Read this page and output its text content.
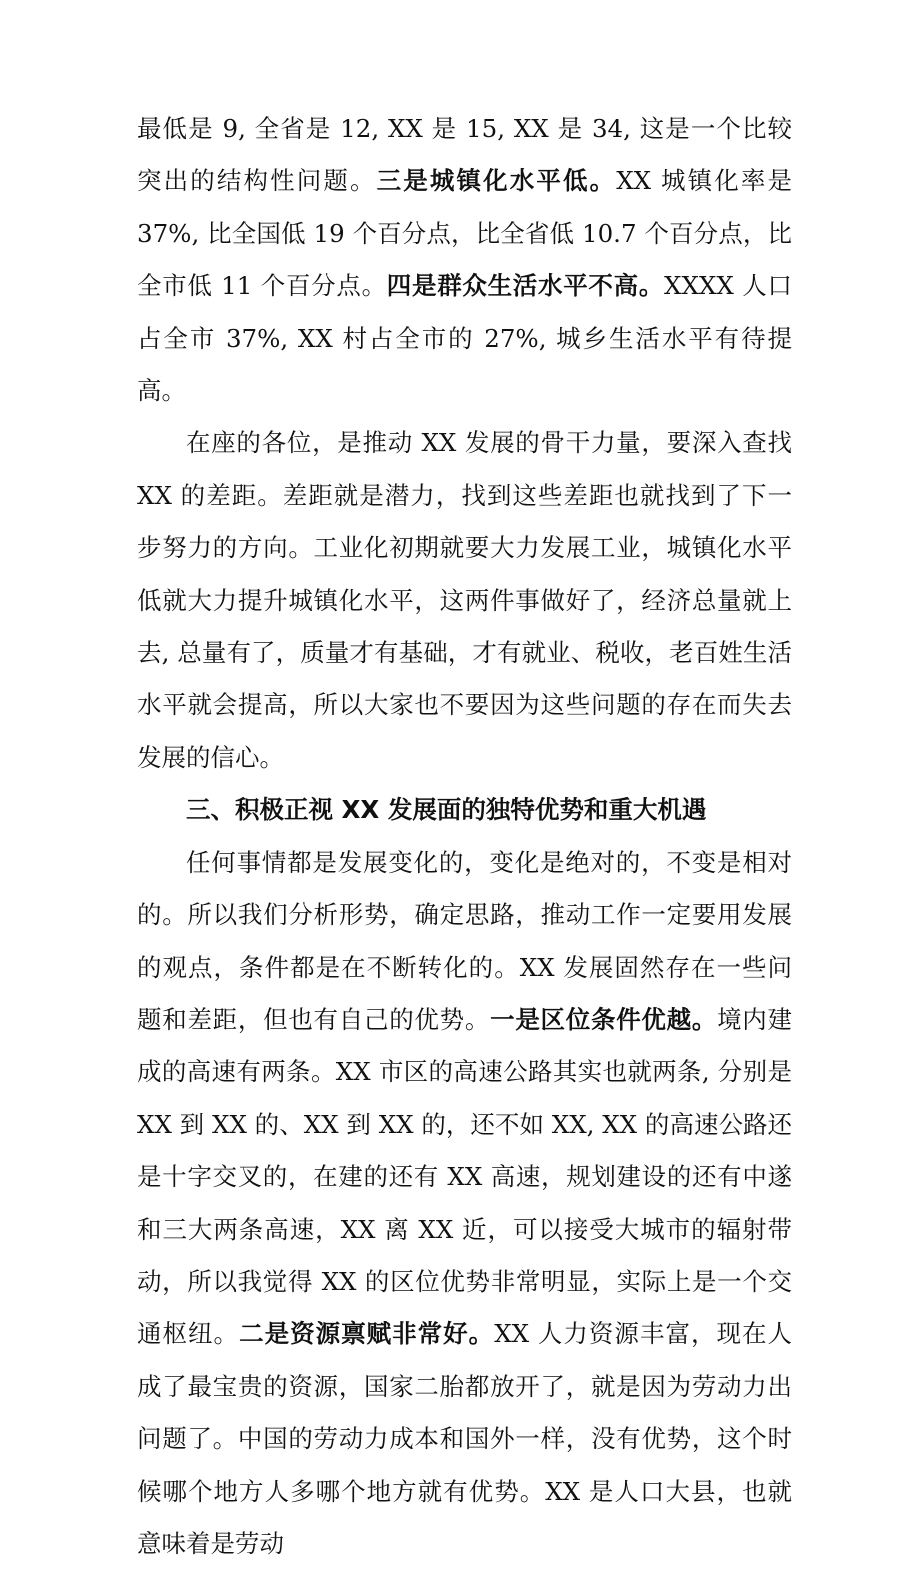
最低是 9, 全省是 12, XX 是 15, XX 是 34, 这是一个比较突出的结构性问题。三是城镇化水平低。XX 城镇化率是 37%, 比全国低 19 个百分点，比全省低 10.7 个百分点，比全市低 11 个百分点。四是群众生活水平不高。XXXX 人口占全市 37%, XX 村占全市的 27%, 城乡生活水平有待提高。

在座的各位，是推动 XX 发展的骨干力量，要深入查找 XX 的差距。差距就是潜力，找到这些差距也就找到了下一步努力的方向。工业化初期就要大力发展工业，城镇化水平低就大力提升城镇化水平，这两件事做好了，经济总量就上去, 总量有了，质量才有基础，才有就业、税收，老百姓生活水平就会提高，所以大家也不要因为这些问题的存在而失去发展的信心。

三、积极正视 XX 发展面的独特优势和重大机遇

任何事情都是发展变化的，变化是绝对的，不变是相对的。所以我们分析形势，确定思路，推动工作一定要用发展的观点，条件都是在不断转化的。XX 发展固然存在一些问题和差距，但也有自己的优势。一是区位条件优越。境内建成的高速有两条。XX 市区的高速公路其实也就两条, 分别是 XX 到 XX 的、XX 到 XX 的，还不如 XX, XX 的高速公路还是十字交叉的，在建的还有 XX 高速，规划建设的还有中遂和三大两条高速，XX 离 XX 近，可以接受大城市的辐射带动，所以我觉得 XX 的区位优势非常明显，实际上是一个交通枢纽。二是资源禀赋非常好。XX 人力资源丰富，现在人成了最宝贵的资源，国家二胎都放开了，就是因为劳动力出问题了。中国的劳动力成本和国外一样，没有优势，这个时候哪个地方人多哪个地方就有优势。XX 是人口大县，也就意味着是劳动
